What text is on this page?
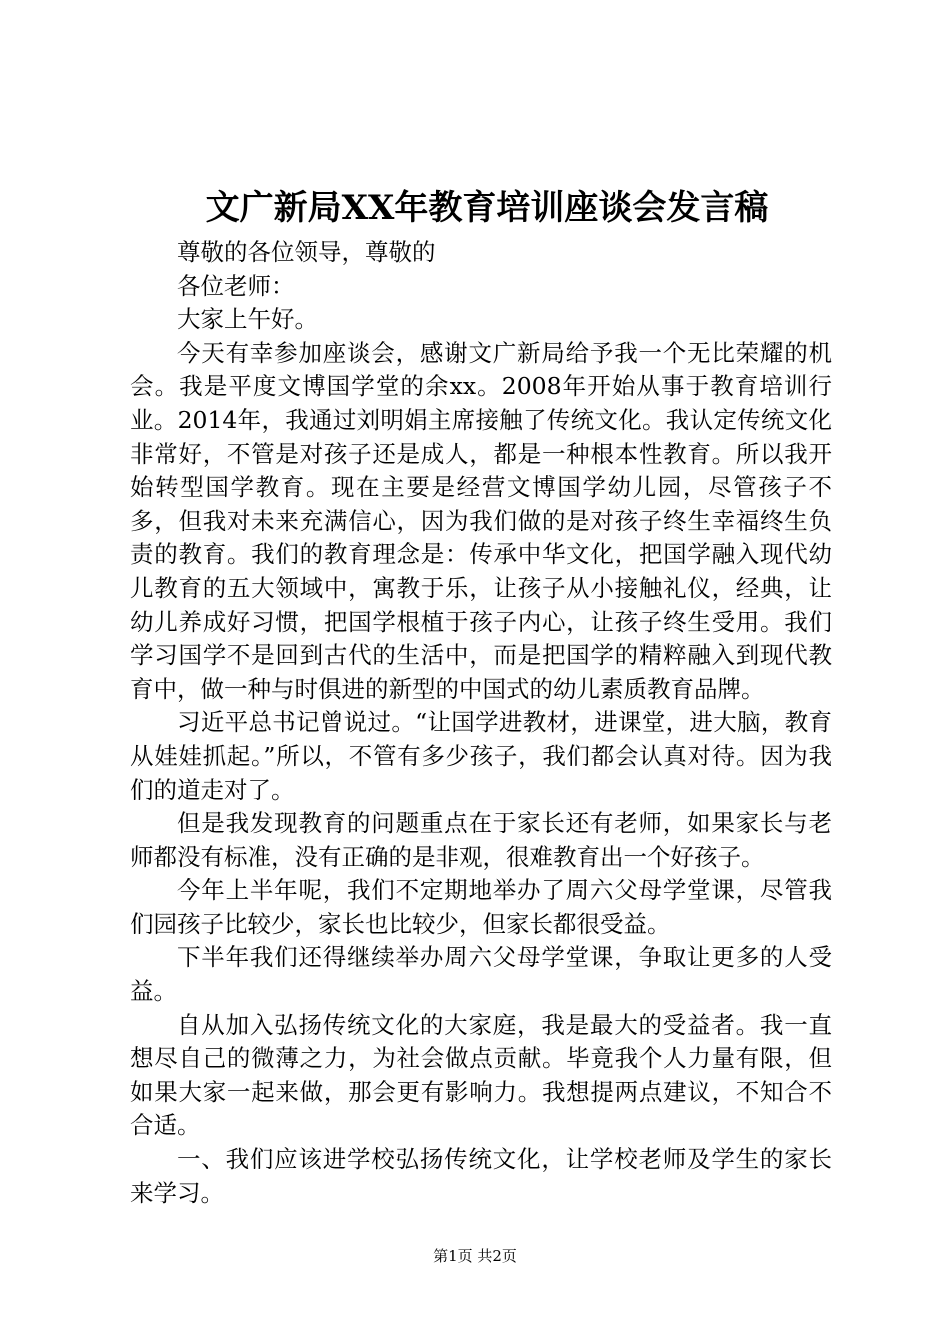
文广新局XX年教育培训座谈会发言稿

尊敬的各位领导，尊敬的

各位老师：

大家上午好。

今天有幸参加座谈会，感谢文广新局给予我一个无比荣耀的机会。我是平度文博国学堂的余xx。2008年开始从事于教育培训行业。2014年，我通过刘明娟主席接触了传统文化。我认定传统文化非常好，不管是对孩子还是成人，都是一种根本性教育。所以我开始转型国学教育。现在主要是经营文博国学幼儿园，尽管孩子不多，但我对未来充满信心，因为我们做的是对孩子终生幸福终生负责的教育。我们的教育理念是：传承中华文化，把国学融入现代幼儿教育的五大领域中，寓教于乐，让孩子从小接触礼仪，经典，让幼儿养成好习惯，把国学根植于孩子内心，让孩子终生受用。我们学习国学不是回到古代的生活中，而是把国学的精粹融入到现代教育中，做一种与时俱进的新型的中国式的幼儿素质教育品牌。

习近平总书记曾说过。“让国学进教材，进课堂，进大脑，教育从娃娃抓起。”所以，不管有多少孩子，我们都会认真对待。因为我们的道走对了。

但是我发现教育的问题重点在于家长还有老师，如果家长与老师都没有标准，没有正确的是非观，很难教育出一个好孩子。

今年上半年呢，我们不定期地举办了周六父母学堂课，尽管我们园孩子比较少，家长也比较少，但家长都很受益。

下半年我们还得继续举办周六父母学堂课，争取让更多的人受益。

自从加入弘扬传统文化的大家庭，我是最大的受益者。我一直想尽自己的微薄之力，为社会做点贡献。毕竟我个人力量有限，但如果大家一起来做，那会更有影响力。我想提两点建议，不知合不合适。

一、我们应该进学校弘扬传统文化，让学校老师及学生的家长来学习。

第1页 共2页
